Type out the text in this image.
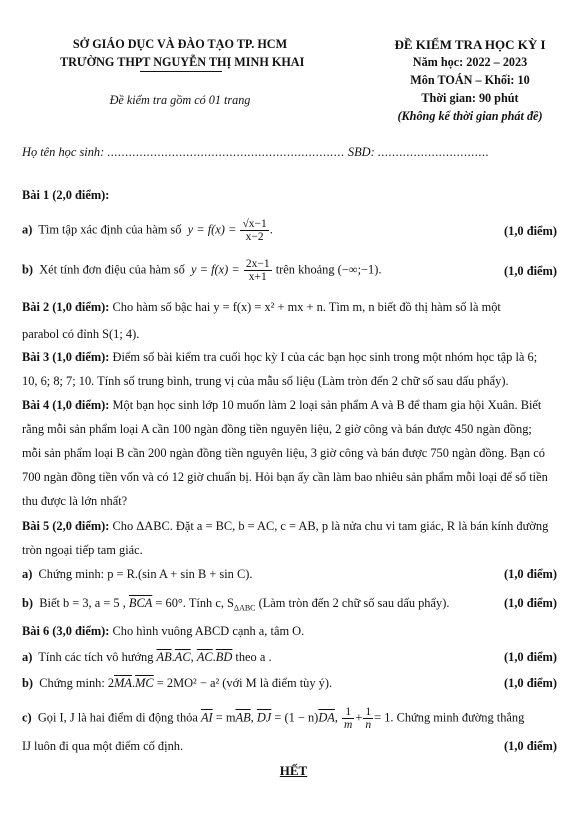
SỞ GIÁO DỤC VÀ ĐÀO TẠO TP. HCM
TRƯỜNG THPT NGUYỄN THỊ MINH KHAI
Đề kiểm tra gồm có 01 trang
ĐỀ KIỂM TRA HỌC KỲ I
Năm học: 2022 – 2023
Môn TOÁN – Khối: 10
Thời gian: 90 phút
(Không kể thời gian phát đề)
Họ tên học sinh: .................................................................. SBD: ...............................
Bài 1 (2,0 điểm):
a) Tìm tập xác định của hàm số $y = f(x) = \frac{√x-1}{x-2}$ .	(1,0 điểm)
b) Xét tính đơn điệu của hàm số $y = f(x) = \frac{2x-1}{x+1}$ trên khoảng (−∞;−1).	(1,0 điểm)
Bài 2 (1,0 điểm): Cho hàm số bậc hai y = f(x) = x² + mx + n. Tìm m, n biết đồ thị hàm số là một
parabol có đỉnh S(1; 4).
Bài 3 (1,0 điểm): Điểm số bài kiểm tra cuối học kỳ I của các bạn học sinh trong một nhóm học tập là 6;
10, 6; 8; 7; 10. Tính số trung bình, trung vị của mẫu số liệu (Làm tròn đến 2 chữ số sau dấu phẩy).
Bài 4 (1,0 điểm): Một bạn học sinh lớp 10 muốn làm 2 loại sản phẩm A và B để tham gia hội Xuân. Biết
rằng mỗi sản phẩm loại A cần 100 ngàn đồng tiền nguyên liệu, 2 giờ công và bán được 450 ngàn đồng;
mỗi sản phẩm loại B cần 200 ngàn đồng tiền nguyên liệu, 3 giờ công và bán được 750 ngàn đồng. Bạn có
700 ngàn đồng tiền vốn và có 12 giờ chuẩn bị. Hỏi bạn ấy cần làm bao nhiêu sản phẩm mỗi loại để số tiền
thu được là lớn nhất?
Bài 5 (2,0 điểm): Cho ΔABC. Đặt a = BC, b = AC, c = AB, p là nửa chu vi tam giác, R là bán kính đường
tròn ngoại tiếp tam giác.
a) Chứng minh: p = R.(sin A + sin B + sin C).	(1,0 điểm)
b) Biết b = 3, a = 5 , $\overline{BCA} = 60^\circ$. Tính c, $S_{\Delta ABC}$ (Làm tròn đến 2 chữ số sau dấu phẩy).	(1,0 điểm)
Bài 6 (3,0 điểm): Cho hình vuông ABCD cạnh a, tâm O.
a) Tính các tích vô hướng $\overline{AB}.\overline{AC}$, $\overline{AC}.\overline{BD}$ theo a .	(1,0 điểm)
b) Chứng minh: $2\overline{MA}.\overline{MC} = 2MO^2 - a^2$ (với M là điểm tùy ý).	(1,0 điểm)
c) Gọi I, J là hai điểm di động thỏa $\overline{AI} = m\overline{AB}$, $\overline{DJ} = (1 - n)\overline{DA}$, $\frac{1}{m} + \frac{1}{n} = 1$. Chứng minh đường thẳng
IJ luôn đi qua một điểm cố định.	(1,0 điểm)
HẾT
